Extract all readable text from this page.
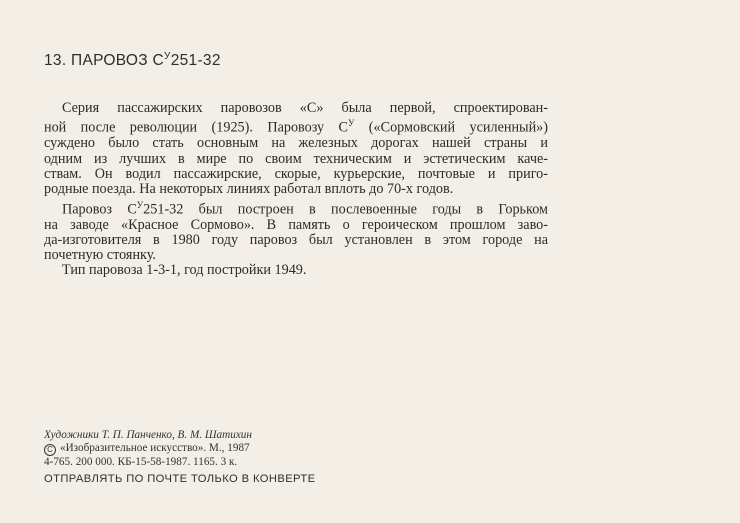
13. ПАРОВОЗ $С^У251-32$
Серия пассажирских паровозов «С» была первой, спроектирован-
ной после революции (1925). Паровозу $С^У$ («Сормовский усиленный»)
суждено было стать основным на железных дорогах нашей страны и
одним из лучших в мире по своим техническим и эстетическим каче-
ствам. Он водил пассажирские, скорые, курьерские, почтовые и приго-
родные поезда. На некоторых линиях работал вплоть до 70-х годов.
Паровоз $С^У251-32$ был построен в послевоенные годы в Горьком
на заводе «Красное Сормово». В память о героическом прошлом заво-
да-изготовителя в 1980 году паровоз был установлен в этом городе на
почетную стоянку.
Тип паровоза 1-3-1, год постройки 1949.
Художники Т. П. Панченко, В. М. Шатихин
C «Изобразительное искусство». М., 1987
4-765. 200 000. КБ-15-58-1987. 1165. 3 к.
ОТПРАВЛЯТЬ ПО ПОЧТЕ ТОЛЬКО В КОНВЕРТЕ
